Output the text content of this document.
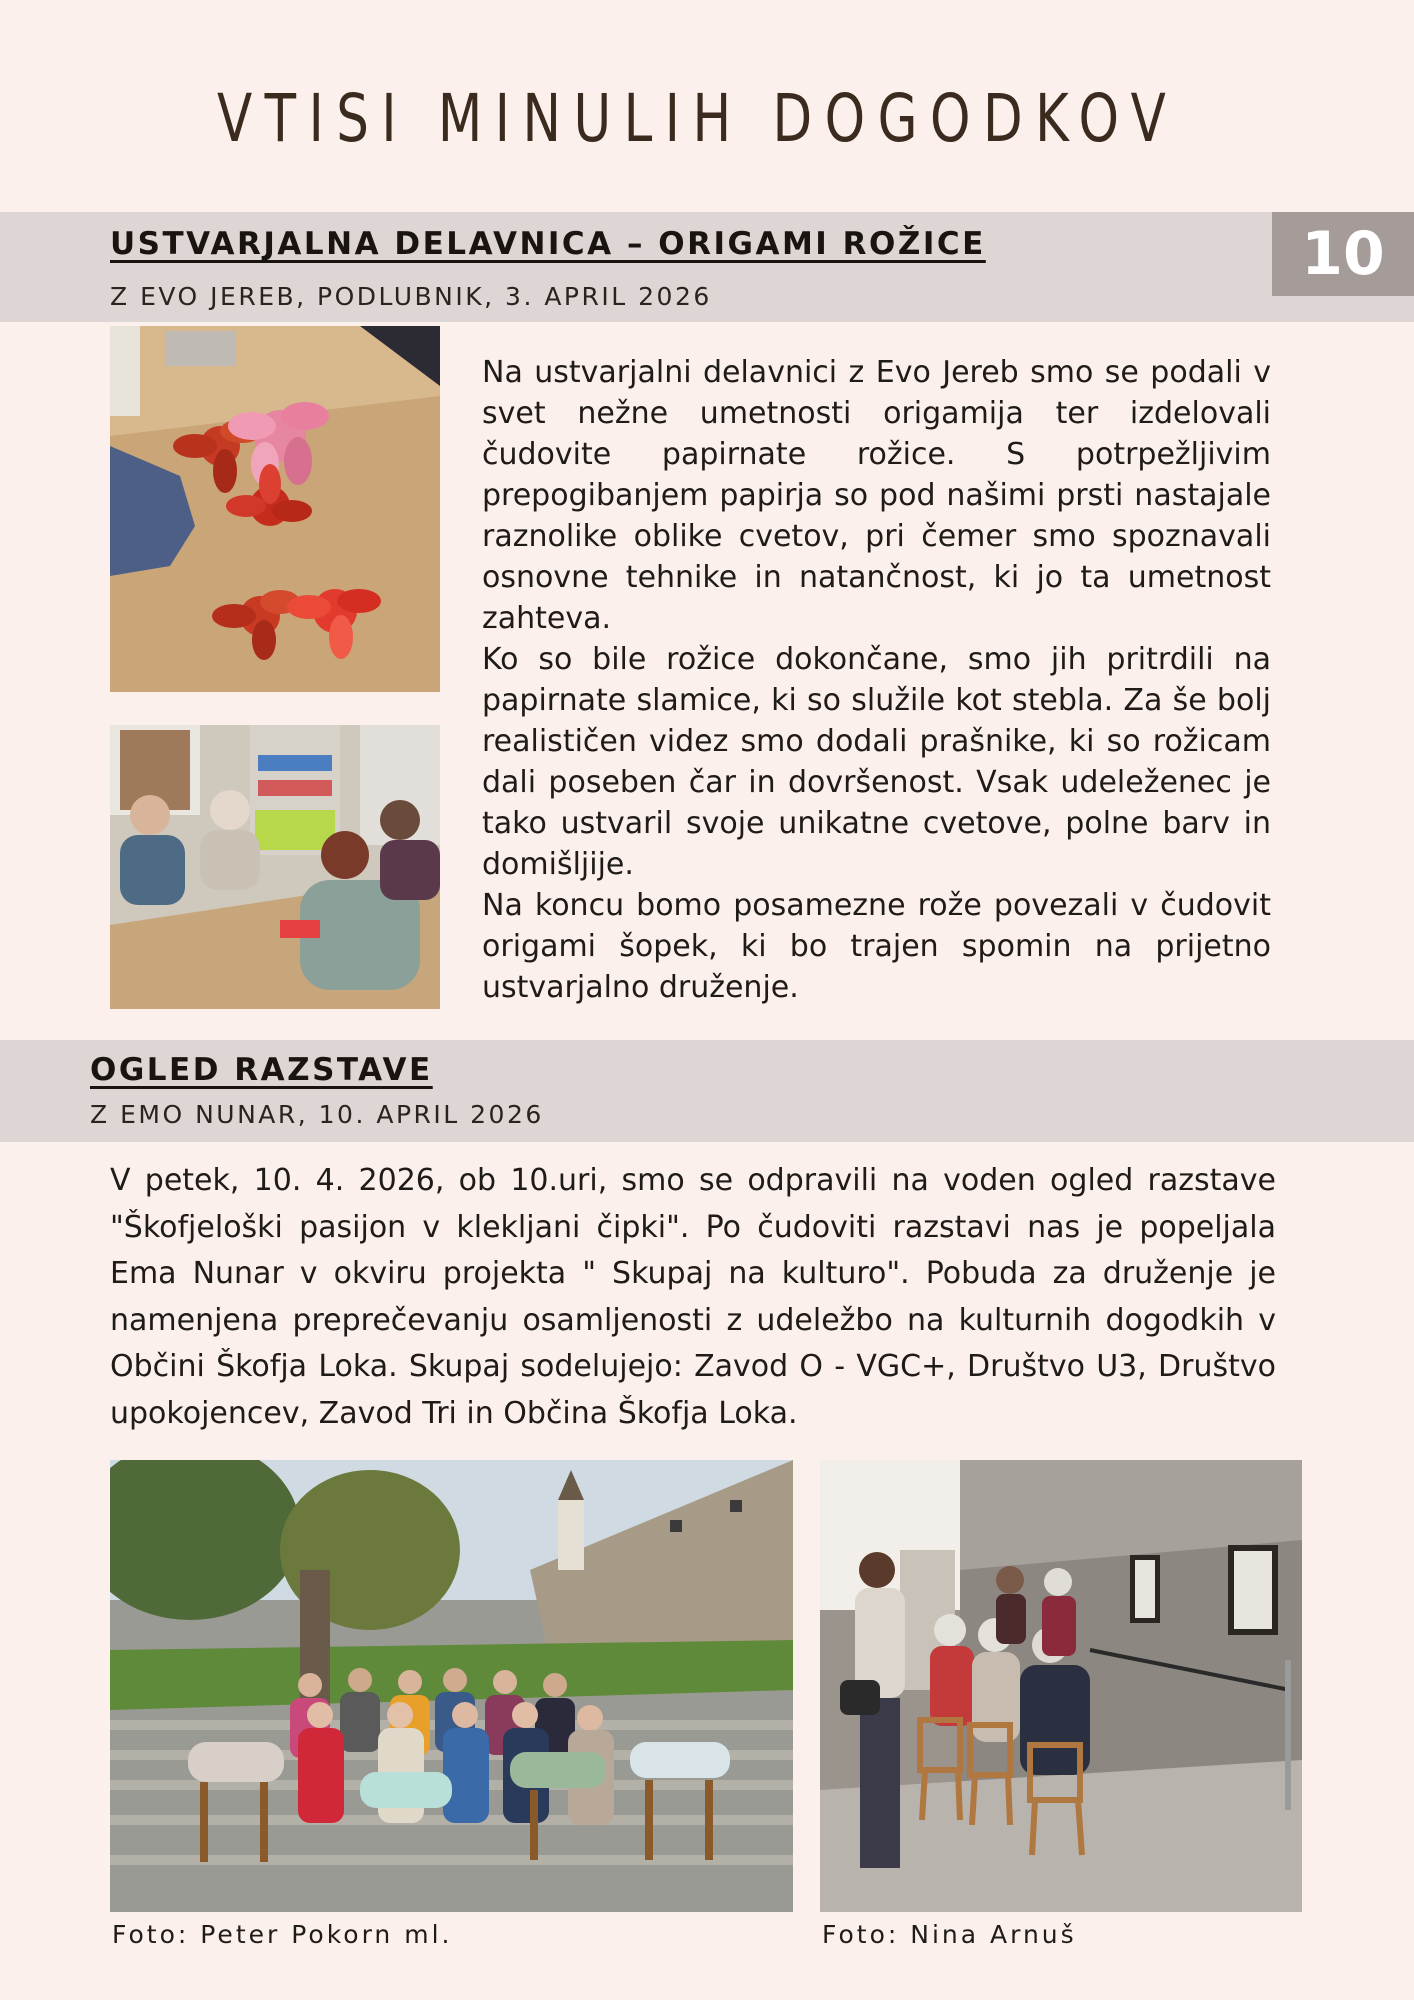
VTISI MINULIH DOGODKOV
10
USTVARJALNA DELAVNICA – ORIGAMI ROŽICE
Z EVO JEREB, PODLUBNIK, 3. APRIL 2026

Na ustvarjalni delavnici z Evo Jereb smo se podali v svet nežne umetnosti origamija ter izdelovali čudovite papirnate rožice. S potrpežljivim prepogibanjem papirja so pod našimi prsti nastajale raznolike oblike cvetov, pri čemer smo spoznavali osnovne tehnike in natančnost, ki jo ta umetnost zahteva.

Ko so bile rožice dokončane, smo jih pritrdili na papirnate slamice, ki so služile kot stebla. Za še bolj realističen videz smo dodali prašnike, ki so rožicam dali poseben čar in dovršenost. Vsak udeleženec je tako ustvaril svoje unikatne cvetove, polne barv in domišljije.

Na koncu bomo posamezne rože povezali v čudovit origami šopek, ki bo trajen spomin na prijetno ustvarjalno druženje.

OGLED RAZSTAVE
Z EMO NUNAR, 10. APRIL 2026

V petek, 10. 4. 2026, ob 10.uri, smo se odpravili na voden ogled razstave "Škofjeloški pasijon v klekljani čipki". Po čudoviti razstavi nas je popeljala Ema Nunar v okviru projekta " Skupaj na kulturo". Pobuda za druženje je namenjena preprečevanju osamljenosti z udeležbo na kulturnih dogodkih v Občini Škofja Loka. Skupaj sodelujejo: Zavod O - VGC+, Društvo U3, Društvo upokojencev, Zavod Tri in Občina Škofja Loka.

Foto: Peter Pokorn ml.	Foto: Nina Arnuš
